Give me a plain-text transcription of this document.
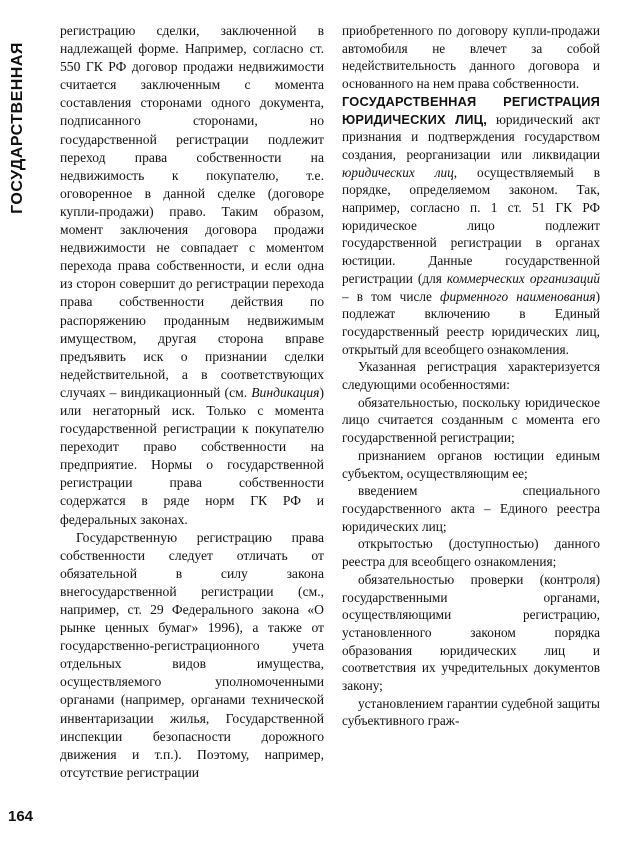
ГОСУДАРСТВЕННАЯ
164

регистрацию сделки, заключенной в надлежащей форме. Например, согласно ст. 550 ГК РФ договор продажи недвижимости считается заключенным с момента составления сторонами одного документа, подписанного сторонами, но государственной регистрации подлежит переход права собственности на недвижимость к покупателю, т.е. оговоренное в данной сделке (договоре купли-продажи) право. Таким образом, момент заключения договора продажи недвижимости не совпадает с моментом перехода права собственности, и если одна из сторон совершит до регистрации перехода права собственности действия по распоряжению проданным недвижимым имуществом, другая сторона вправе предъявить иск о признании сделки недействительной, а в соответствующих случаях – виндикационный (см. Виндикация) или негаторный иск. Только с момента государственной регистрации к покупателю переходит право собственности на предприятие. Нормы о государственной регистрации права собственности содержатся в ряде норм ГК РФ и федеральных законах.

Государственную регистрацию права собственности следует отличать от обязательной в силу закона внегосударственной регистрации (см., например, ст. 29 Федерального закона «О рынке ценных бумаг» 1996), а также от государственно-регистрационного учета отдельных видов имущества, осуществляемого уполномоченными органами (например, органами технической инвентаризации жилья, Государственной инспекции безопасности дорожного движения и т.п.). Поэтому, например, отсутствие регистрации

приобретенного по договору купли-продажи автомобиля не влечет за собой недействительность данного договора и основанного на нем права собственности.

ГОСУДАРСТВЕННАЯ РЕГИСТРАЦИЯ ЮРИДИЧЕСКИХ ЛИЦ, юридический акт признания и подтверждения государством создания, реорганизации или ликвидации юридических лиц, осуществляемый в порядке, определяемом законом. Так, например, согласно п. 1 ст. 51 ГК РФ юридическое лицо подлежит государственной регистрации в органах юстиции. Данные государственной регистрации (для коммерческих организаций – в том числе фирменного наименования) подлежат включению в Единый государственный реестр юридических лиц, открытый для всеобщего ознакомления.

Указанная регистрация характеризуется следующими особенностями:

обязательностью, поскольку юридическое лицо считается созданным с момента его государственной регистрации;

признанием органов юстиции единым субъектом, осуществляющим ее;

введением специального государственного акта – Единого реестра юридических лиц;

открытостью (доступностью) данного реестра для всеобщего ознакомления;

обязательностью проверки (контроля) государственными органами, осуществляющими регистрацию, установленного законом порядка образования юридических лиц и соответствия их учредительных документов закону;

установлением гарантии судебной защиты субъективного граж-
